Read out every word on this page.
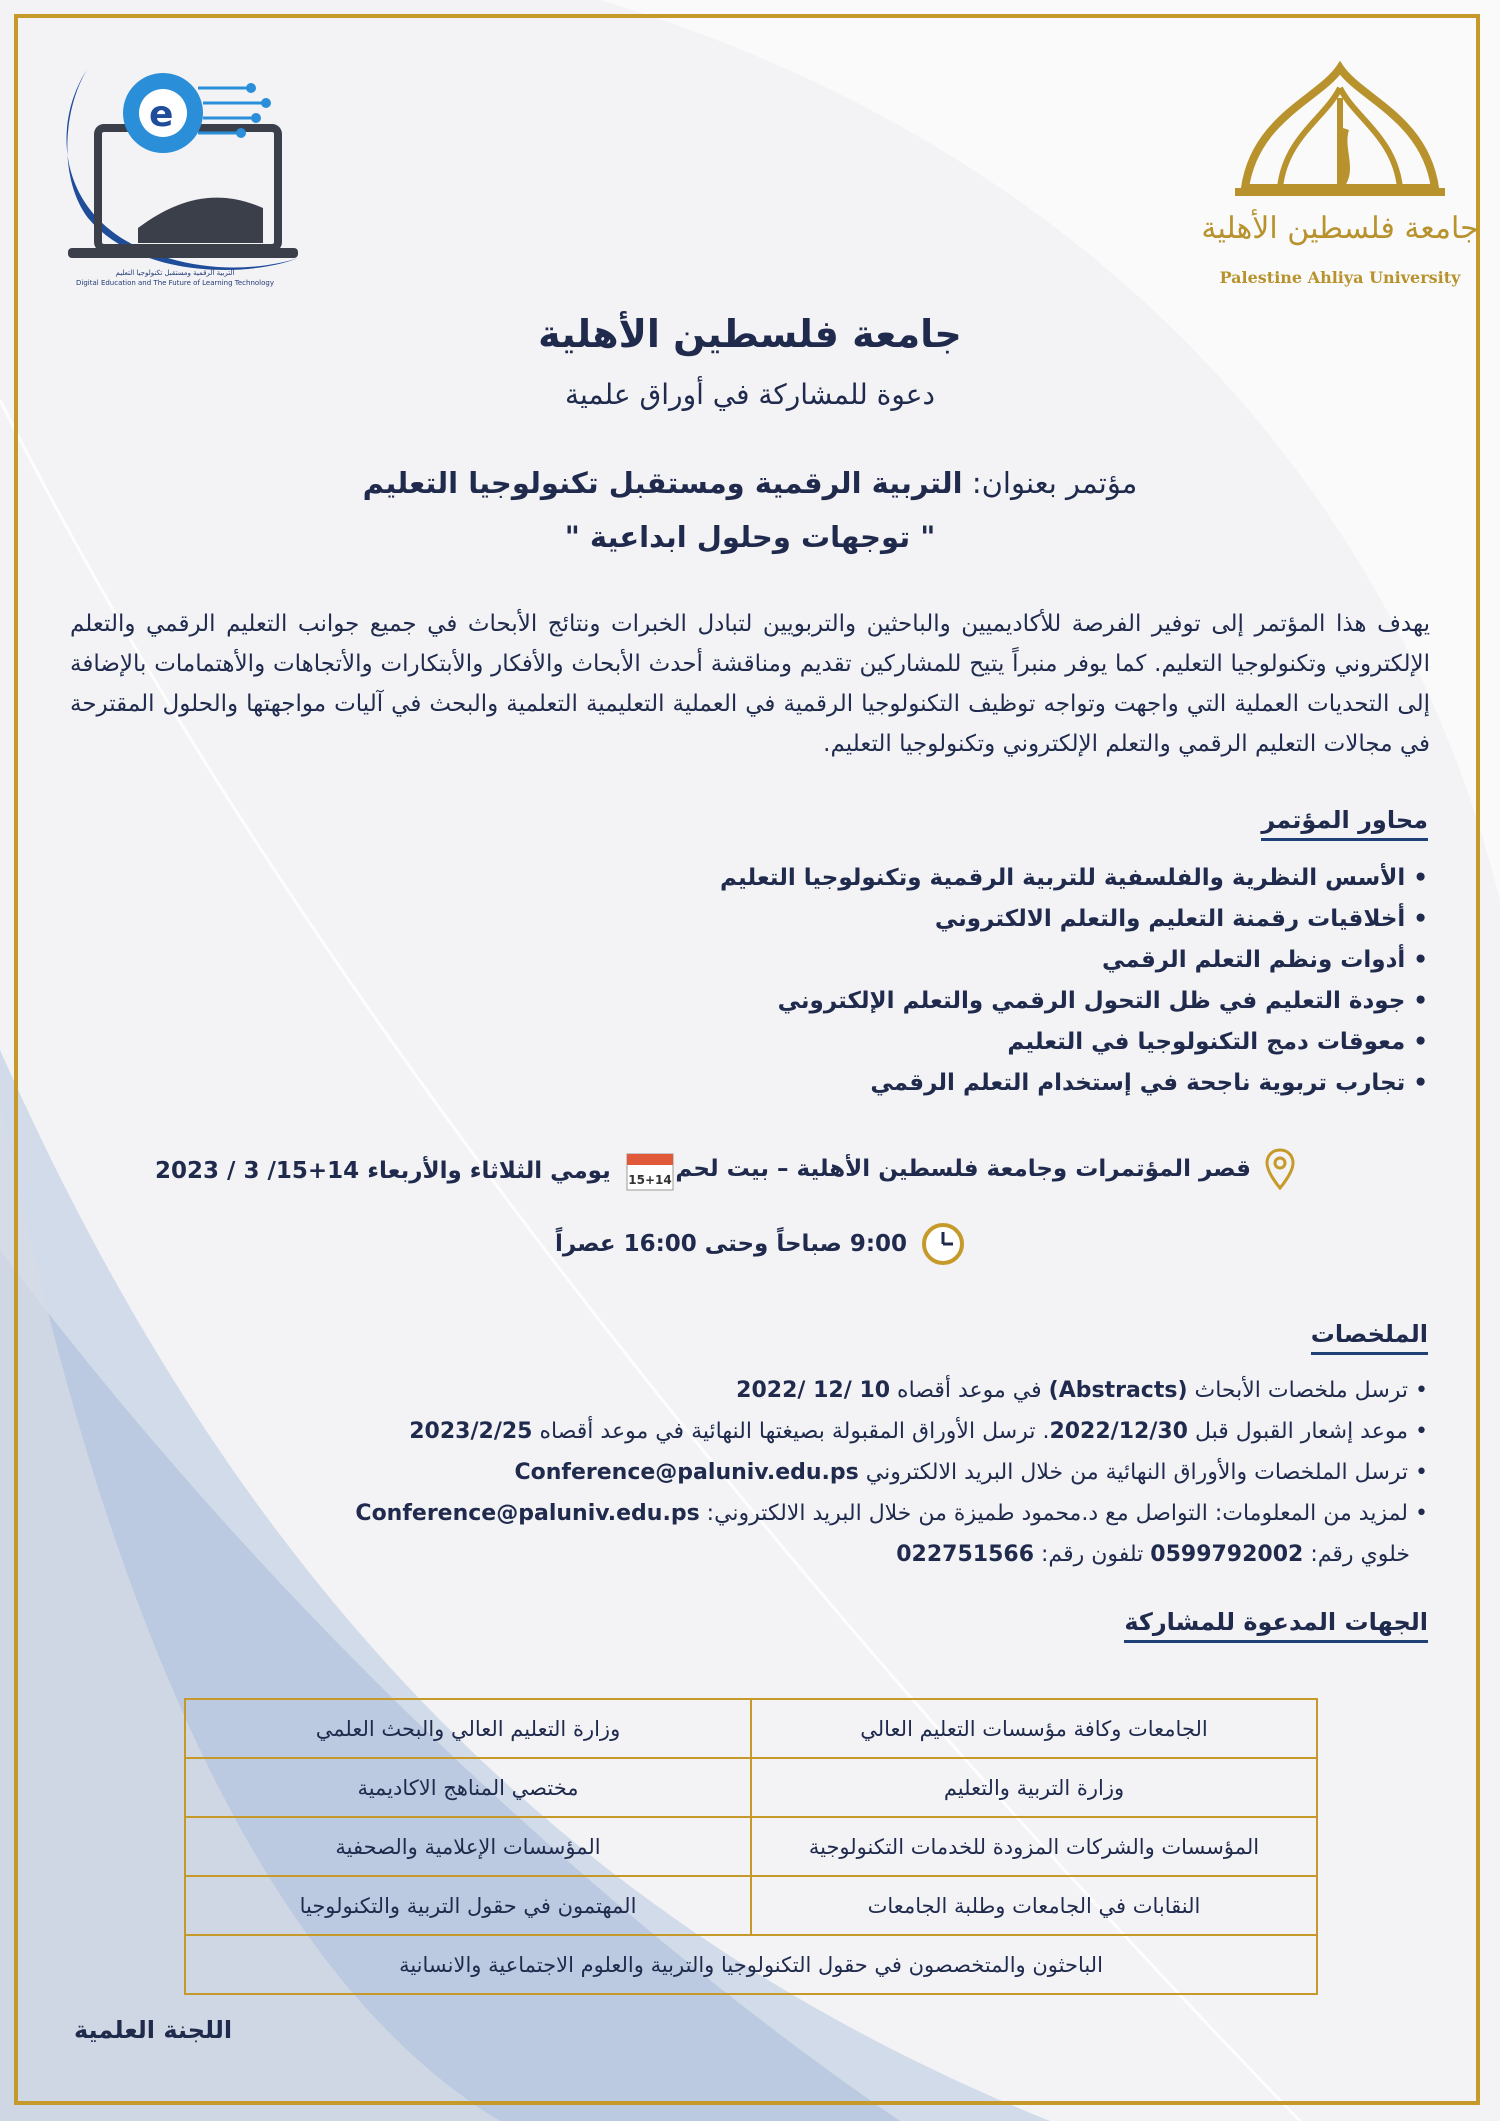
e
التربية الرقمية ومستقبل تكنولوجيا التعليم
Digital Education and The Future of Learning Technology
جامعة فلسطين الأهلية
Palestine Ahliya University
جامعة فلسطين الأهلية
دعوة للمشاركة في أوراق علمية
مؤتمر بعنوان: التربية الرقمية ومستقبل تكنولوجيا التعليم
" توجهات وحلول ابداعية "
يهدف هذا المؤتمر إلى توفير الفرصة للأكاديميين والباحثين والتربويين لتبادل الخبرات ونتائج الأبحاث في جميع جوانب التعليم الرقمي والتعلم الإلكتروني وتكنولوجيا التعليم. كما يوفر منبراً يتيح للمشاركين تقديم ومناقشة أحدث الأبحاث والأفكار والأبتكارات والأتجاهات والأهتمامات بالإضافة إلى التحديات العملية التي واجهت وتواجه توظيف التكنولوجيا الرقمية في العملية التعليمية التعلمية والبحث في آليات مواجهتها والحلول المقترحة في مجالات التعليم الرقمي والتعلم الإلكتروني وتكنولوجيا التعليم.
محاور المؤتمر
• الأسس النظرية والفلسفية للتربية الرقمية وتكنولوجيا التعليم
• أخلاقيات رقمنة التعليم والتعلم الالكتروني
• أدوات ونظم التعلم الرقمي
• جودة التعليم في ظل التحول الرقمي والتعلم الإلكتروني
• معوقات دمج التكنولوجيا في التعليم
• تجارب تربوية ناجحة في إستخدام التعلم الرقمي
قصر المؤتمرات وجامعة فلسطين الأهلية – بيت لحم
15+14
يومي الثلاثاء والأربعاء 14+15/ 3 / 2023
9:00 صباحاً وحتى 16:00 عصراً
الملخصات
• ترسل ملخصات الأبحاث (Abstracts) في موعد أقصاه 10 /12 /2022
• موعد إشعار القبول قبل 2022/12/30. ترسل الأوراق المقبولة بصيغتها النهائية في موعد أقصاه 2023/2/25
• ترسل الملخصات والأوراق النهائية من خلال البريد الالكتروني Conference@paluniv.edu.ps
• لمزيد من المعلومات: التواصل مع د.محمود طميزة من خلال البريد الالكتروني: Conference@paluniv.edu.ps
خلوي رقم: 0599792002 تلفون رقم: 022751566
الجهات المدعوة للمشاركة
الجامعات وكافة مؤسسات التعليم العالي	وزارة التعليم العالي والبحث العلمي
وزارة التربية والتعليم	مختصي المناهج الاكاديمية
المؤسسات والشركات المزودة للخدمات التكنولوجية	المؤسسات الإعلامية والصحفية
النقابات في الجامعات وطلبة الجامعات	المهتمون في حقول التربية والتكنولوجيا
الباحثون والمتخصصون في حقول التكنولوجيا والتربية والعلوم الاجتماعية والانسانية	
اللجنة العلمية
